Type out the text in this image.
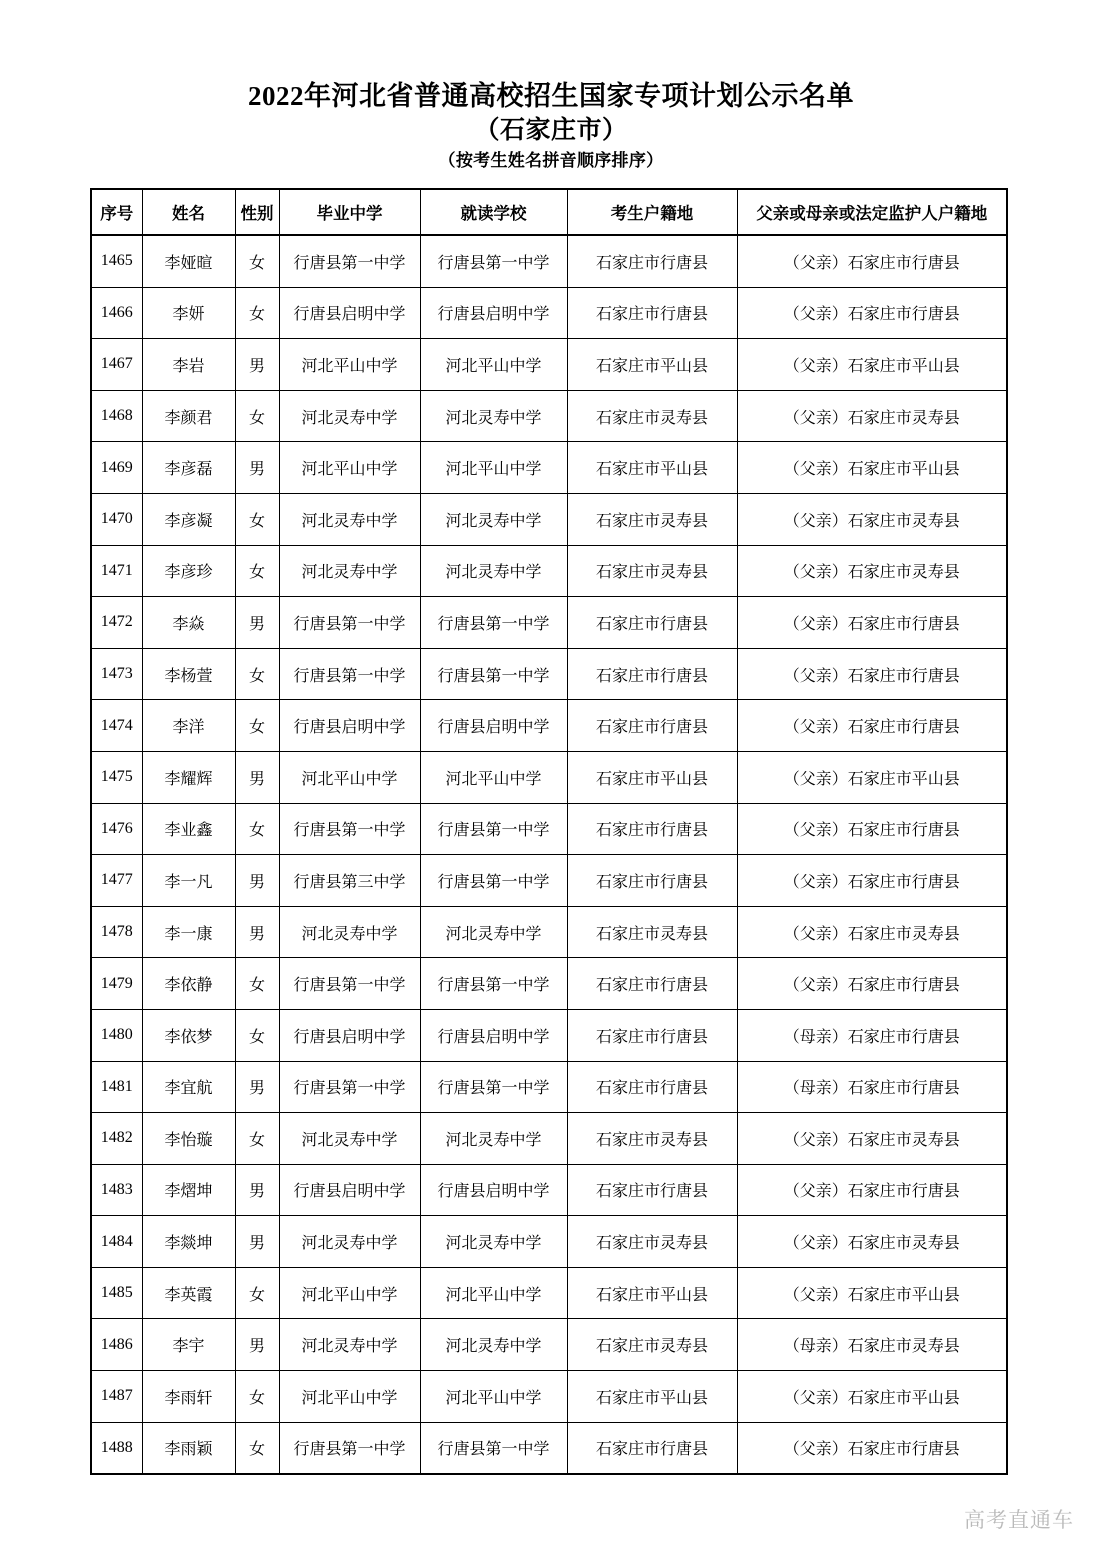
2022年河北省普通高校招生国家专项计划公示名单
（石家庄市）
（按考生姓名拼音顺序排序）
序号	姓名	性别	毕业中学	就读学校	考生户籍地	父亲或母亲或法定监护人户籍地
1465	李娅暄	女	行唐县第一中学	行唐县第一中学	石家庄市行唐县	（父亲）石家庄市行唐县
1466	李妍	女	行唐县启明中学	行唐县启明中学	石家庄市行唐县	（父亲）石家庄市行唐县
1467	李岩	男	河北平山中学	河北平山中学	石家庄市平山县	（父亲）石家庄市平山县
1468	李颜君	女	河北灵寿中学	河北灵寿中学	石家庄市灵寿县	（父亲）石家庄市灵寿县
1469	李彦磊	男	河北平山中学	河北平山中学	石家庄市平山县	（父亲）石家庄市平山县
1470	李彦凝	女	河北灵寿中学	河北灵寿中学	石家庄市灵寿县	（父亲）石家庄市灵寿县
1471	李彦珍	女	河北灵寿中学	河北灵寿中学	石家庄市灵寿县	（父亲）石家庄市灵寿县
1472	李焱	男	行唐县第一中学	行唐县第一中学	石家庄市行唐县	（父亲）石家庄市行唐县
1473	李杨萱	女	行唐县第一中学	行唐县第一中学	石家庄市行唐县	（父亲）石家庄市行唐县
1474	李洋	女	行唐县启明中学	行唐县启明中学	石家庄市行唐县	（父亲）石家庄市行唐县
1475	李耀辉	男	河北平山中学	河北平山中学	石家庄市平山县	（父亲）石家庄市平山县
1476	李业鑫	女	行唐县第一中学	行唐县第一中学	石家庄市行唐县	（父亲）石家庄市行唐县
1477	李一凡	男	行唐县第三中学	行唐县第一中学	石家庄市行唐县	（父亲）石家庄市行唐县
1478	李一康	男	河北灵寿中学	河北灵寿中学	石家庄市灵寿县	（父亲）石家庄市灵寿县
1479	李依静	女	行唐县第一中学	行唐县第一中学	石家庄市行唐县	（父亲）石家庄市行唐县
1480	李依梦	女	行唐县启明中学	行唐县启明中学	石家庄市行唐县	（母亲）石家庄市行唐县
1481	李宜航	男	行唐县第一中学	行唐县第一中学	石家庄市行唐县	（母亲）石家庄市行唐县
1482	李怡璇	女	河北灵寿中学	河北灵寿中学	石家庄市灵寿县	（父亲）石家庄市灵寿县
1483	李熠坤	男	行唐县启明中学	行唐县启明中学	石家庄市行唐县	（父亲）石家庄市行唐县
1484	李燚坤	男	河北灵寿中学	河北灵寿中学	石家庄市灵寿县	（父亲）石家庄市灵寿县
1485	李英霞	女	河北平山中学	河北平山中学	石家庄市平山县	（父亲）石家庄市平山县
1486	李宇	男	河北灵寿中学	河北灵寿中学	石家庄市灵寿县	（母亲）石家庄市灵寿县
1487	李雨轩	女	河北平山中学	河北平山中学	石家庄市平山县	（父亲）石家庄市平山县
1488	李雨颖	女	行唐县第一中学	行唐县第一中学	石家庄市行唐县	（父亲）石家庄市行唐县
高考直通车
